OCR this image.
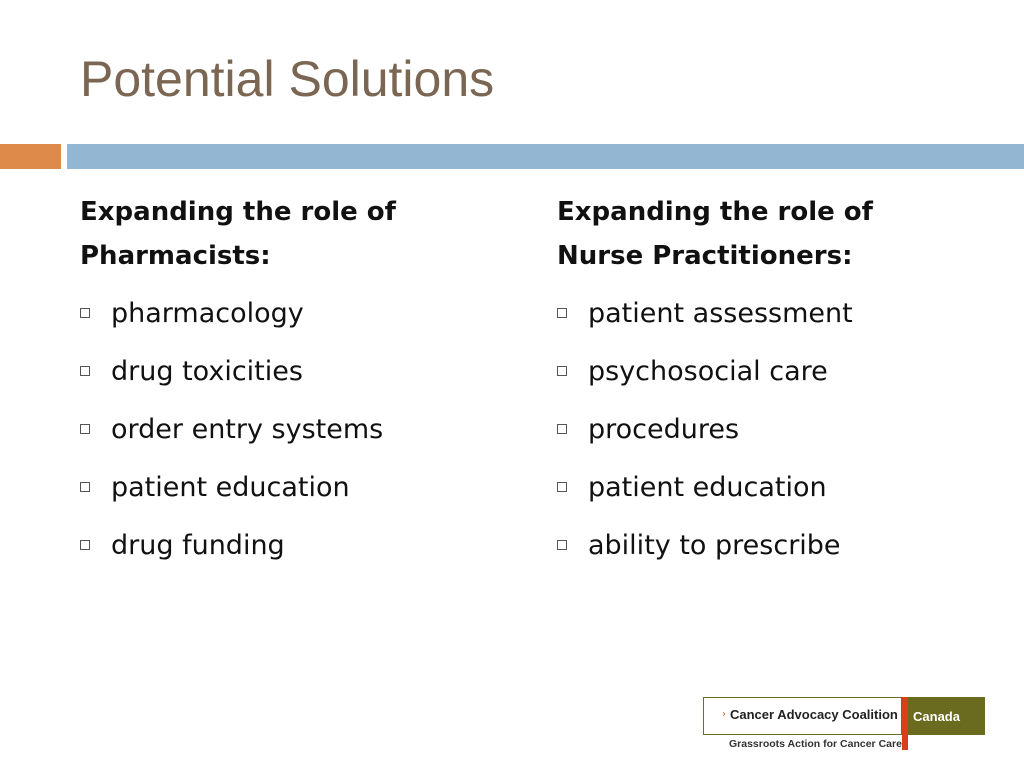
Potential Solutions
Expanding the role of
Pharmacists:
pharmacology
drug toxicities
order entry systems
patient education
drug funding
Expanding the role of
Nurse Practitioners:
patient assessment
psychosocial care
procedures
patient education
ability to prescribe
› Cancer Advocacy Coalition	Canada
Grassroots Action for Cancer Care
